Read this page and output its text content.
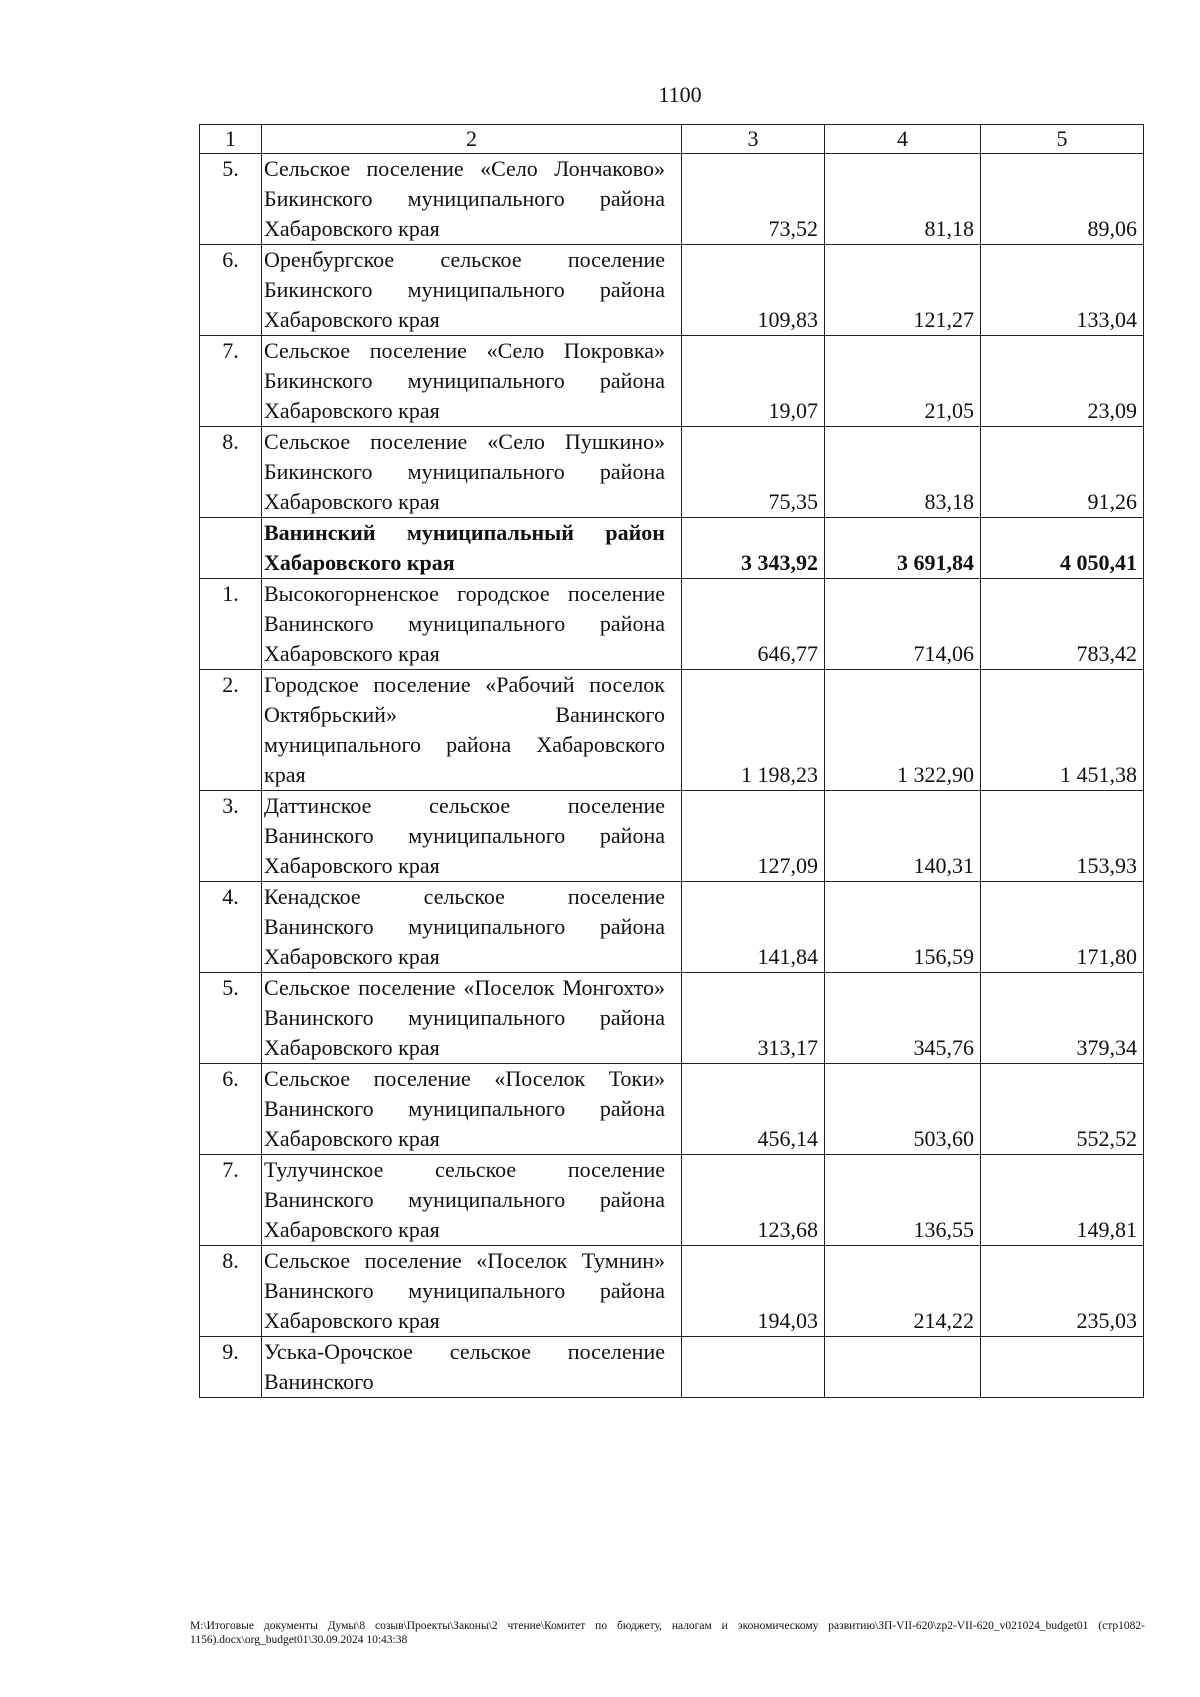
1100
1	2	3	4	5
5.	Сельское поселение «Село Лончаково» Бикинского муниципального района Хабаровского края	73,52	81,18	89,06
6.	Оренбургское сельское поселение Бикинского муниципального района Хабаровского края	109,83	121,27	133,04
7.	Сельское поселение «Село Покровка» Бикинского муниципального района Хабаровского края	19,07	21,05	23,09
8.	Сельское поселение «Село Пушкино» Бикинского муниципального района Хабаровского края	75,35	83,18	91,26
	Ванинский муниципальный район Хабаровского края	3 343,92	3 691,84	4 050,41
1.	Высокогорненское городское поселение Ванинского муниципального района Хабаровского края	646,77	714,06	783,42
2.	Городское поселение «Рабочий поселок Октябрьский» Ванинского муниципального района Хабаровского края	1 198,23	1 322,90	1 451,38
3.	Даттинское сельское поселение Ванинского муниципального района Хабаровского края	127,09	140,31	153,93
4.	Кенадское сельское поселение Ванинского муниципального района Хабаровского края	141,84	156,59	171,80
5.	Сельское поселение «Поселок Монгохто» Ванинского муниципального района Хабаровского края	313,17	345,76	379,34
6.	Сельское поселение «Поселок Токи» Ванинского муниципального района Хабаровского края	456,14	503,60	552,52
7.	Тулучинское сельское поселение Ванинского муниципального района Хабаровского края	123,68	136,55	149,81
8.	Сельское поселение «Поселок Тумнин» Ванинского муниципального района Хабаровского края	194,03	214,22	235,03
9.	Уська-Орочское сельское поселение Ванинского			
M:\Итоговые документы Думы\8 созыв\Проекты\Законы\2 чтение\Комитет по бюджету, налогам и экономическому развитию\ЗП-VII-620\zp2-VII-620_v021024_budget01 (стр1082-1156).docx\org_budget01\30.09.2024 10:43:38
